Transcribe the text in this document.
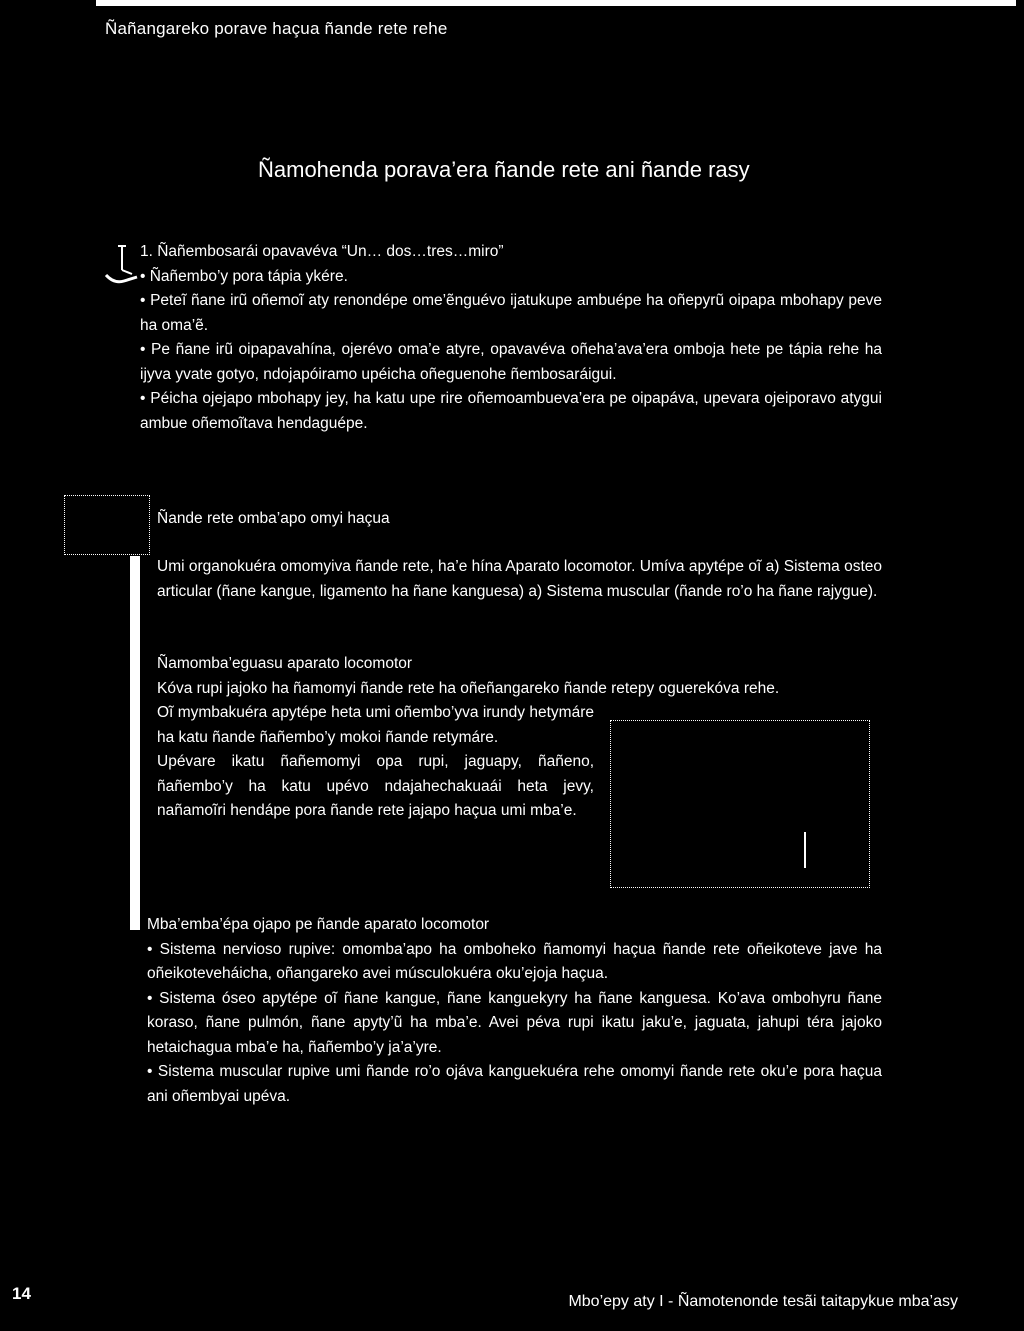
Ñañangareko porave haçua ñande rete rehe
Ñamohenda porava’era ñande rete ani ñande rasy

1. Ñañembosarái opavavéva “Un… dos…tres…miro”

• Ñañembo’y pora tápia ykére.

• Peteĩ ñane irũ oñemoĩ aty renondépe ome’ẽnguévo ijatukupe ambuépe ha oñepyrũ oipapa mbohapy peve ha oma’ẽ.

• Pe ñane irũ oipapavahína, ojerévo oma’e atyre, opavavéva oñeha’ava’era omboja hete pe tápia rehe ha ijyva yvate gotyo, ndojapóiramo upéicha oñeguenohe ñembosaráigui.

• Péicha ojejapo mbohapy jey, ha katu upe rire oñemoambueva’era pe oipapáva, upevara ojeiporavo atygui ambue oñemoĩtava hendaguépe.

Ñande rete omba’apo omyi haçua

Umi organokuéra omomyiva ñande rete, ha’e hína Aparato locomotor. Umíva apytépe oĩ a) Sistema osteo articular (ñane kangue, ligamento ha ñane kanguesa) a) Sistema muscular (ñande ro’o ha ñane rajygue).

Ñamomba’eguasu aparato locomotor

Kóva rupi jajoko ha ñamomyi ñande rete ha oñeñangareko ñande retepy oguerekóva rehe.

Oĩ mymbakuéra apytépe heta umi oñembo’yva irundy hetymáre ha katu ñande ñañembo’y mokoi ñande retymáre.

Upévare ikatu ñañemomyi opa rupi, jaguapy, ñañeno, ñañembo’y ha katu upévo ndajahechakuaái heta jevy, nañamoĩri hendápe pora ñande rete jajapo haçua umi mba’e.

Mba’emba’épa ojapo pe ñande aparato locomotor

• Sistema nervioso rupive: omomba’apo ha omboheko ñamomyi haçua ñande rete oñeikoteve jave ha oñeikoteveháicha, oñangareko avei músculokuéra oku’ejoja haçua.

• Sistema óseo apytépe oĩ ñane kangue, ñane kanguekyry ha ñane kanguesa. Ko’ava ombohyru ñane koraso, ñane pulmón, ñane apyty’ũ ha mba’e. Avei péva rupi ikatu jaku’e, jaguata, jahupi téra jajoko hetaichagua mba’e ha, ñañembo’y ja’a’yre.

• Sistema muscular rupive umi ñande ro’o ojáva kanguekuéra rehe omomyi ñande rete oku’e pora haçua ani oñembyai upéva.

14	Mbo’epy aty I - Ñamotenonde tesãi taitapykue mba’asy
